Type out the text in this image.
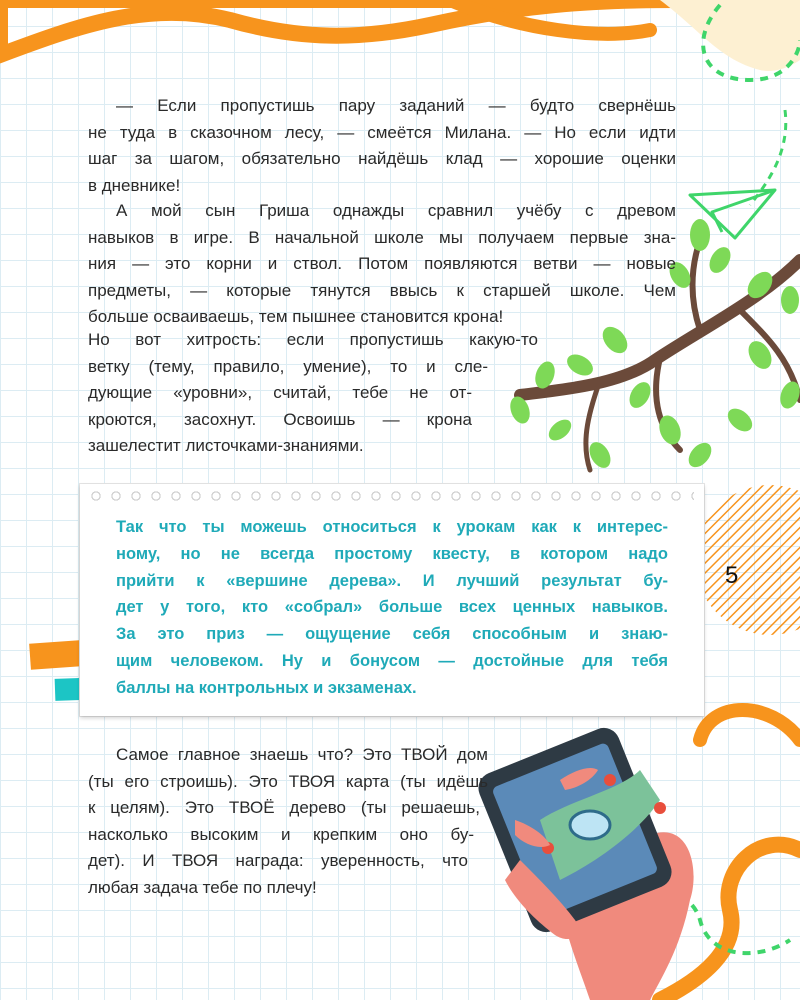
— Если пропустишь пару заданий — будто свернёшь
не туда в сказочном лесу, — смеётся Милана. — Но если идти
шаг за шагом, обязательно найдёшь клад — хорошие оценки
в дневнике!

А мой сын Гриша однажды сравнил учёбу с древом
навыков в игре. В начальной школе мы получаем первые зна-
ния — это корни и ствол. Потом появляются ветви — новые
предметы, — которые тянутся ввысь к старшей школе. Чем
больше осваиваешь, тем пышнее становится крона!

Но вот хитрость: если пропустишь какую-то
ветку (тему, правило, умение), то и сле-
дующие «уровни», считай, тебе не от-
кроются, засохнут. Освоишь — крона
зашелестит листочками-знаниями.

Так что ты можешь относиться к урокам как к интерес-
ному, но не всегда простому квесту, в котором надо
прийти к «вершине дерева». И лучший результат бу-
дет у того, кто «собрал» больше всех ценных навыков.
За это приз — ощущение себя способным и знаю-
щим человеком. Ну и бонусом — достойные для тебя
баллы на контрольных и экзаменах.

5

Самое главное знаешь что? Это ТВОЙ дом
(ты его строишь). Это ТВОЯ карта (ты идёшь
к целям). Это ТВОЁ дерево (ты решаешь,
насколько высоким и крепким оно бу-
дет). И ТВОЯ награда: уверенность, что
любая задача тебе по плечу!
